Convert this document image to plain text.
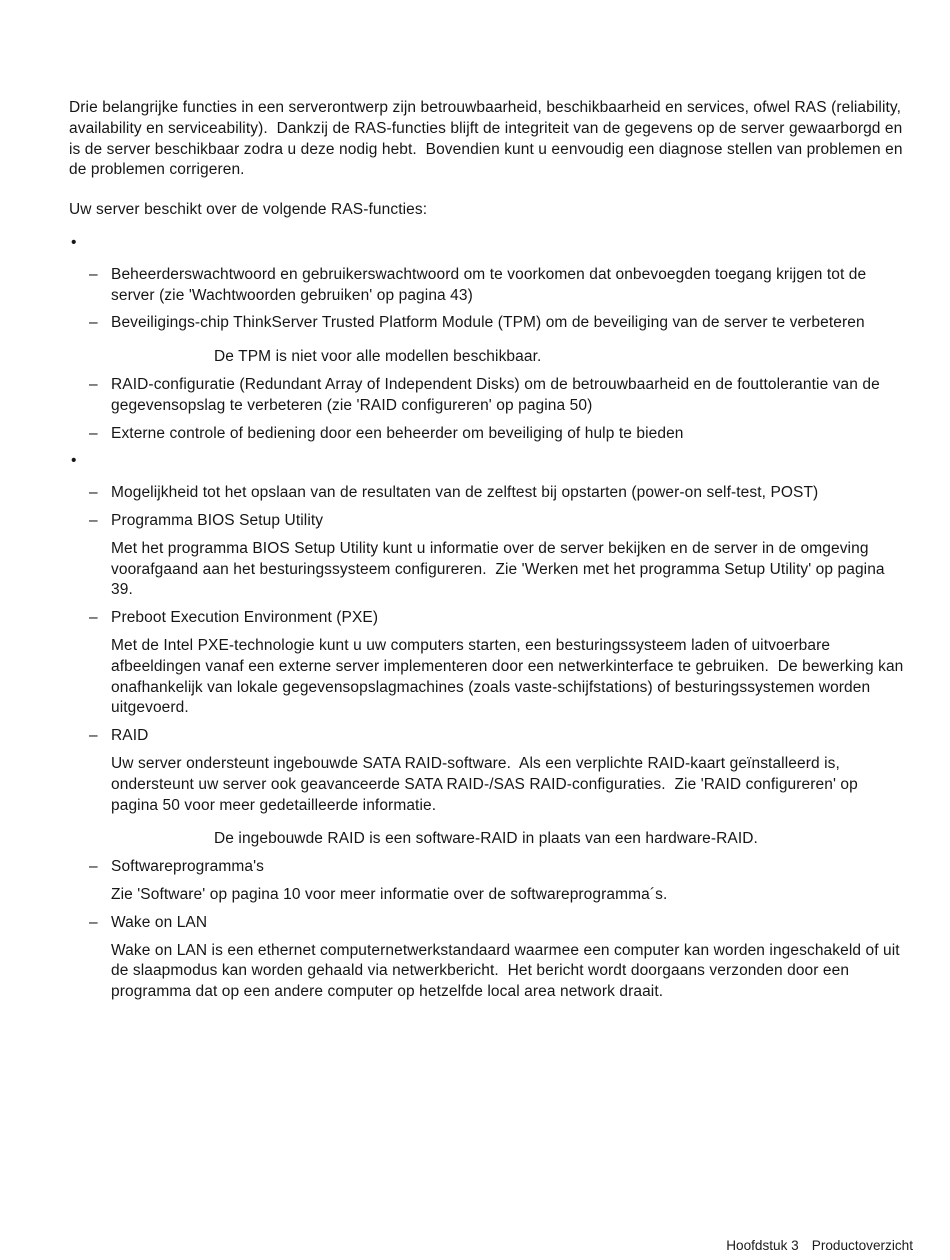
Drie belangrijke functies in een serverontwerp zijn betrouwbaarheid, beschikbaarheid en services, ofwel RAS (reliability, availability en serviceability).  Dankzij de RAS-functies blijft de integriteit van de gegevens op de server gewaarborgd en is de server beschikbaar zodra u deze nodig hebt.  Bovendien kunt u eenvoudig een diagnose stellen van problemen en de problemen corrigeren.

Uw server beschikt over de volgende RAS-functies:

•
– Beheerderswachtwoord en gebruikerswachtwoord om te voorkomen dat onbevoegden toegang krijgen tot de server (zie 'Wachtwoorden gebruiken' op pagina 43)
– Beveiligings-chip ThinkServer Trusted Platform Module (TPM) om de beveiliging van de server te verbeteren
De TPM is niet voor alle modellen beschikbaar.
– RAID-configuratie (Redundant Array of Independent Disks) om de betrouwbaarheid en de fouttolerantie van de gegevensopslag te verbeteren (zie 'RAID configureren' op pagina 50)
– Externe controle of bediening door een beheerder om beveiliging of hulp te bieden
•
– Mogelijkheid tot het opslaan van de resultaten van de zelftest bij opstarten (power-on self-test, POST)
– Programma BIOS Setup Utility

Met het programma BIOS Setup Utility kunt u informatie over de server bekijken en de server in de omgeving voorafgaand aan het besturingssysteem configureren.  Zie 'Werken met het programma Setup Utility' op pagina 39.

– Preboot Execution Environment (PXE)

Met de Intel PXE-technologie kunt u uw computers starten, een besturingssysteem laden of uitvoerbare afbeeldingen vanaf een externe server implementeren door een netwerkinterface te gebruiken.  De bewerking kan onafhankelijk van lokale gegevensopslagmachines (zoals vaste-schijfstations) of besturingssystemen worden uitgevoerd.

– RAID

Uw server ondersteunt ingebouwde SATA RAID-software.  Als een verplichte RAID-kaart geïnstalleerd is, ondersteunt uw server ook geavanceerde SATA RAID-/SAS RAID-configuraties.  Zie 'RAID configureren' op pagina 50 voor meer gedetailleerde informatie.

De ingebouwde RAID is een software-RAID in plaats van een hardware-RAID.
– Softwareprogramma's

Zie 'Software' op pagina 10 voor meer informatie over de softwareprogramma´s.

– Wake on LAN

Wake on LAN is een ethernet computernetwerkstandaard waarmee een computer kan worden ingeschakeld of uit de slaapmodus kan worden gehaald via netwerkbericht.  Het bericht wordt doorgaans verzonden door een programma dat op een andere computer op hetzelfde local area network draait.

Hoofdstuk 3 Productoverzicht
